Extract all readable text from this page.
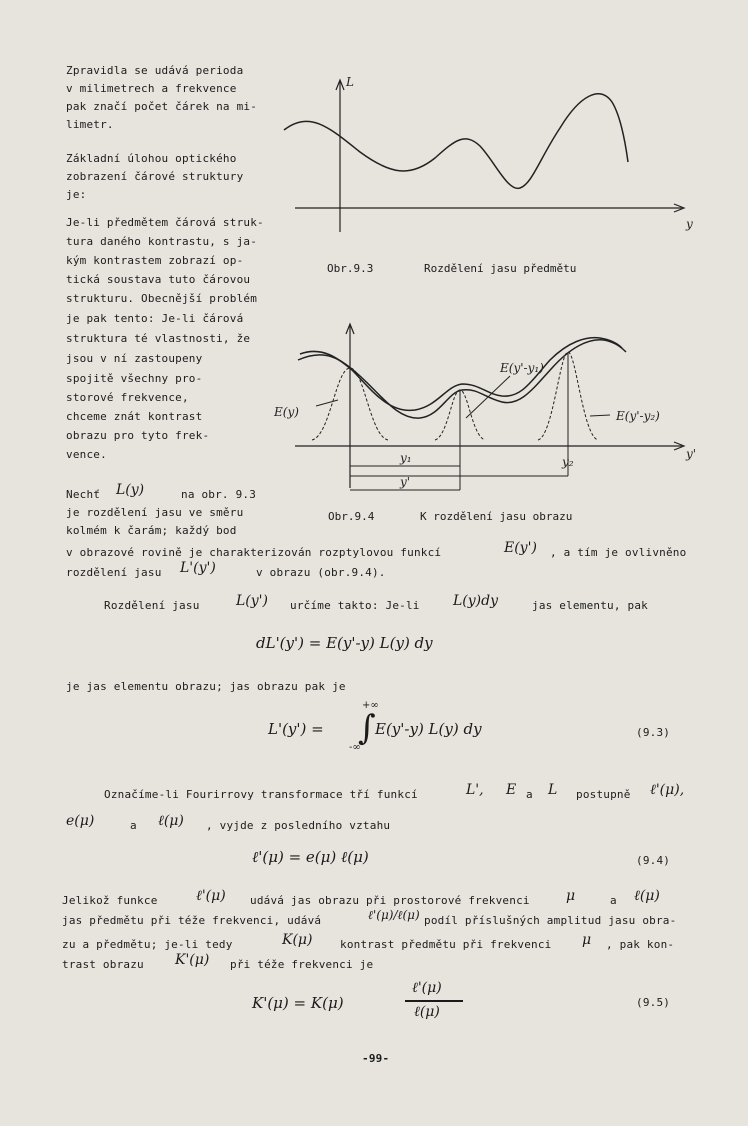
Zpravidla se udává perioda
v milimetrech a frekvence
pak značí počet čárek na mi-
limetr.
Základní úlohou optického
zobrazení čárové struktury
je:
Je-li předmětem čárová struk-
tura daného kontrastu, s ja-
kým kontrastem zobrazí op-
tická soustava tuto čárovou
strukturu. Obecnější problém
je pak tento: Je-li čárová
struktura té vlastnosti, že
jsou v ní zastoupeny
spojitě všechny pro-
storové frekvence,
chceme znát kontrast
obrazu pro tyto frek-
vence.
Nechť L(y)	na obr. 9.3
je rozdělení jasu ve směru
kolmém k čarám; každý bod
L
y
Obr.9.3	Rozdělení jasu předmětu
E(y)
E(y'-y₁)
E(y'-y₂)
y₁	y₂
y'
y'
Obr.9.4	K rozdělení jasu obrazu
v obrazové rovině je charakterizován rozptylovou funkcí	E(y') , a tím je ovlivněno
rozdělení jasu L'(y')	v obrazu (obr.9.4).
Rozdělení jasu	L(y') určíme takto: Je-li L(y)dy	jas elementu, pak
dL'(y') = E(y'-y) L(y) dy
je jas elementu obrazu; jas obrazu pak je
L'(y') =
+∞
∫
-∞
E(y'-y) L(y) dy	(9.3)
Označíme-li Fourirrovy transformace tří funkcí	L', E a L postupně ℓ'(μ),
e(μ)	a ℓ(μ) , vyjde z posledního vztahu
ℓ'(μ) = e(μ) ℓ(μ)	(9.4)
Jelikož funkce	ℓ'(μ) udává jas obrazu při prostorové frekvenci	μ	a ℓ(μ)
jas předmětu při téže frekvenci, udává	ℓ'(μ)/ℓ(μ) podíl příslušných amplitud jasu obra-
zu a předmětu; je-li tedy	K(μ)	kontrast předmětu při frekvenci μ , pak kon-
trast obrazu K'(μ) při téže frekvenci je
K'(μ) = K(μ)
ℓ'(μ)
ℓ(μ)
(9.5)
-99-
